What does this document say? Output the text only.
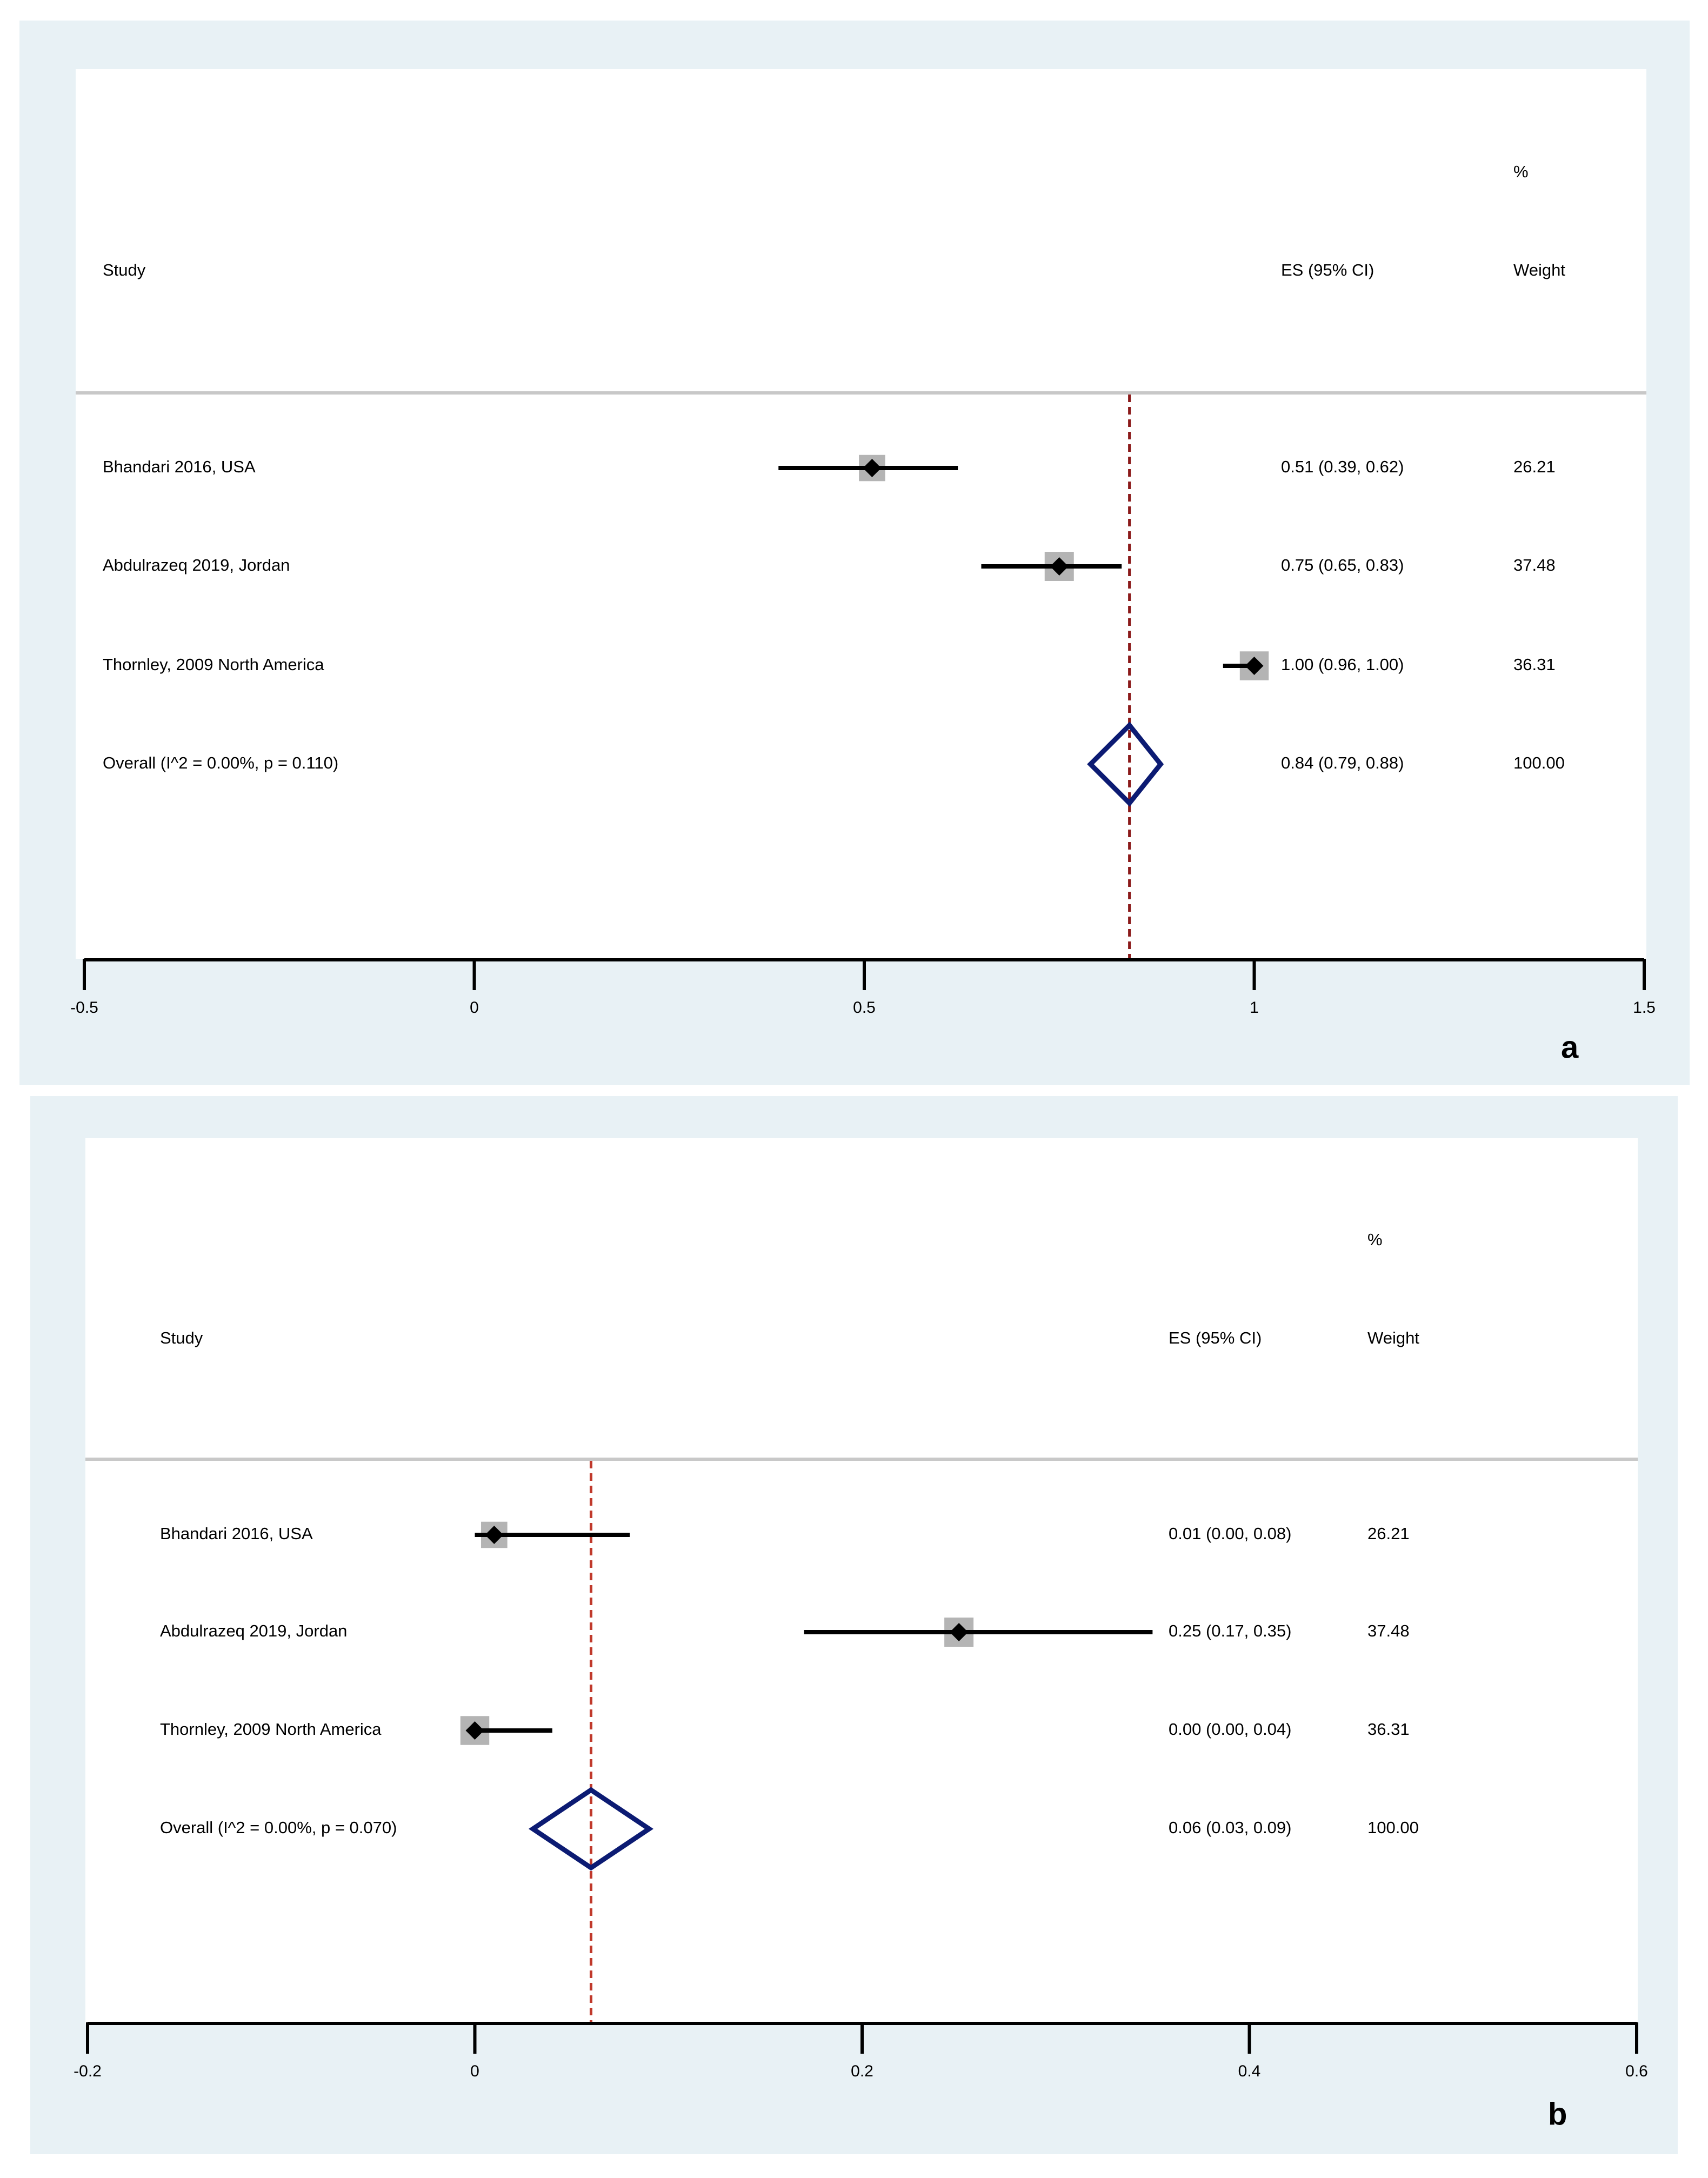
Study	ES (95% CI)
%
Weight
Bhandari 2016, USA	0.51 (0.39, 0.62)	26.21
Abdulrazeq 2019, Jordan	0.75 (0.65, 0.83)	37.48
Thornley, 2009 North America	1.00 (0.96, 1.00)	36.31
Overall (I^2 = 0.00%, p = 0.110)	0.84 (0.79, 0.88)	100.00
-0.5	0	0.5	1	1.5
a
Study	ES (95% CI)
%
Weight
Bhandari 2016, USA	0.01 (0.00, 0.08)	26.21
Abdulrazeq 2019, Jordan	0.25 (0.17, 0.35)	37.48
Thornley, 2009 North America	0.00 (0.00, 0.04)	36.31
Overall (I^2 = 0.00%, p = 0.070)	0.06 (0.03, 0.09)	100.00
-0.2	0	0.2	0.4	0.6
b
